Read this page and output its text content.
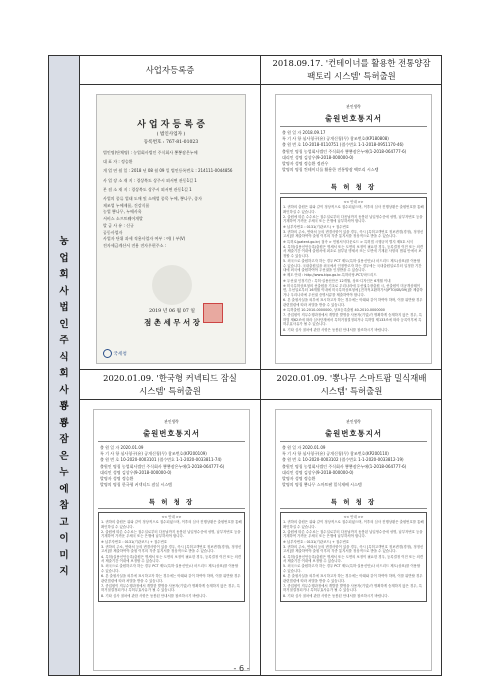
농
업
회
사
법
인
주
식
회
사
뿅
뿅
잠
은
누
에
참
고
이
미
지
사업자등록증
2018.09.17. '컨테이너를 활용한 전통양잠
팩토리 시스템' 특허출원
사 업 자 등 록 증
( 법인사업자 )
등록번호 : 767-81-01023
법인명(단체명) : 농업회사법인 주식회사 뽕뽕잠은누에
대 표 자 : 정승환
개 업 연 월 일 : 2018 년 08 월 09 일 법인등록번호 : 214111-0044856
사 업 장 소 재 지 : 경상북도 상주시 외서면 관동1길 1
본 점 소 재 지 : 경상북도 상주시 외서면 관동1길 1
사업의 종류 업태 도매 및 소매업 종목 누에, 뽕나무, 종자
제조업 누에제품, 건강식품
농업 뽕나무, 누에사육
서비스 소프트웨어개발
발 급 사 유 : 신규
공동사업자
사업자 단위 과세 적용사업자 여부 : 여( ) 부(V)
전자세금계산서 전용 전자우편주소 :
2019 년 06 월 07 일
점 촌 세 무 서 장
국세청
관인생략
출원번호통지서
출 원 일 자 2018.09.17
특 기 사 항 심사청구(유) 공개신청(무) 참조번호(KP180808)
출 원 번 호 10-2018-0110751 (접수번호 1-1-2018-0951170-46)
출원인 명칭 농업회사법인 주식회사 뽕뽕잠은누에(1-2018-064777-6)
대리인 성명 김상우(9-2018-000000-0)
발명자 성명 정승환 정관우
발명의 명칭 컨테이너를 활용한 전통양잠 팩토리 시스템
특 허 청 장
<< 안내 >>
1. 귀하의 출원은 위와 같이 정상적으로 접수되었으며, 이후의 심사 진행상황은 출원번호를 통해 확인하실 수 있습니다.
2. 출원에 따른 수수료는 접수일로부터 다음날까지 동봉된 납입영수증에 성명, 납부자번호 등을 기재하여 가까운 우체국 또는 은행에 납부하셔야 합니다.
※ 납부자번호 : 0131(기관코드) + 접수번호
3. 귀하의 주소, 연락처 등의 변경사항이 있을 경우, 즉시 [특허고객번호 정보변경(경정), 정정신고서]를 제출하여야 출원 이후의 각종 통지서를 정상적으로 받을 수 있습니다.
※ 특허로(patent.go.kr) 접속 > 민원서식다운로드 > 특허법 시행규칙 별지 제5호 서식
4. 특허(실용신안등록)출원은 명세서 또는 도면의 보정이 필요한 경우, 등록결정 이전 또는 의견서 제출기간 이내에 출원서에 최초로 첨부된 명세서 또는 도면에 기재된 사항의 범위 안에서 보정할 수 있습니다.
5. 외국으로 출원하고자 하는 경우 PCT 제도(특허·실용신안)나 마드리드 제도(상표)를 이용할 수 있습니다. 국내출원일을 외국에서 인정받고자 하는 경우에는 국내출원일로부터 일정한 기간 내에 외국에 출원하여야 우선권을 인정받을 수 있습니다.
※ 제도 안내 : http://www.kipo.go.kr-특허마당-PCT/마드리드
※ 우선권 인정기간 : 특허·실용신안은 12개월, 상표·디자인은 6개월 이내
※ 미국특허상표청의 선출원을 기초로 우리나라에 우선권주장출원 시, 선출원이 미공개상태이면, 우선일로부터 16개월 이내에 미국특허상표청에 [전자적교환허가서(PTO/SB/39)]를 제출하거나 우리나라에 우선권 증명서류를 제출하여야 합니다.
6. 본 출원사실을 외부에 표시하고자 하는 경우에는 아래와 같이 하여야 하며, 이를 위반할 경우 관련법령에 따라 처벌을 받을 수 있습니다.
※ 특허출원 10-2010-0000000, 상표등록출원 40-2010-0000000
7. 종업원이 직무수행과정에서 개발한 발명을 사용자(기업)가 명확하게 승계하지 않은 경우, 특허법 제62조에 따라 심사단계에서 특허거절결정되거나 특허법 제133조에 따라 등록이후에 특허무효사유가 될 수 있습니다.
8. 기타 심사 절차에 관한 사항은 동봉된 안내서를 참조하시기 바랍니다.
2020.01.09. '한국형 커넥티드 잠실
시스템' 특허출원
2020.01.09. '뽕나무 스마트팜 밀식재배
시스템' 특허출원
관인생략
출원번호통지서
출 원 일 자 2020.01.09
특 기 사 항 심사청구(유) 공개신청(무) 참조번호(KP200109)
출 원 번 호 10-2020-0003101 (접수번호 1-1-2020-0033811-74)
출원인 명칭 농업회사법인 주식회사 뽕뽕잠은누에(1-2018-064777-6)
대리인 성명 김상우(9-2018-000000-0)
발명자 성명 정승환
발명의 명칭 한국형 커넥티드 잠실 시스템
특 허 청 장
<< 안내 >>
1. 귀하의 출원은 위와 같이 정상적으로 접수되었으며, 이후의 심사 진행상황은 출원번호를 통해 확인하실 수 있습니다.
2. 출원에 따른 수수료는 접수일로부터 다음날까지 동봉된 납입영수증에 성명, 납부자번호 등을 기재하여 가까운 우체국 또는 은행에 납부하셔야 합니다.
※ 납부자번호 : 0131(기관코드) + 접수번호
3. 귀하의 주소, 연락처 등의 변경사항이 있을 경우, 즉시 [특허고객번호 정보변경(경정), 정정신고서]를 제출하여야 출원 이후의 각종 통지서를 정상적으로 받을 수 있습니다.
4. 특허(실용신안등록)출원은 명세서 또는 도면의 보정이 필요한 경우, 등록결정 이전 또는 의견서 제출기간 이내에 보정할 수 있습니다.
5. 외국으로 출원하고자 하는 경우 PCT 제도(특허·실용신안)나 마드리드 제도(상표)를 이용할 수 있습니다.
6. 본 출원사실을 외부에 표시하고자 하는 경우에는 아래와 같이 하여야 하며, 이를 위반할 경우 관련법령에 따라 처벌을 받을 수 있습니다.
7. 종업원이 직무수행과정에서 개발한 발명을 사용자(기업)가 명확하게 승계하지 않은 경우, 특허거절결정되거나 특허무효사유가 될 수 있습니다.
8. 기타 심사 절차에 관한 사항은 동봉된 안내서를 참조하시기 바랍니다.
관인생략
출원번호통지서
출 원 일 자 2020.01.09
특 기 사 항 심사청구(유) 공개신청(무) 참조번호(KP200110)
출 원 번 호 10-2020-0003102 (접수번호 1-1-2020-0033812-19)
출원인 명칭 농업회사법인 주식회사 뽕뽕잠은누에(1-2018-064777-6)
대리인 성명 김상우(9-2018-000000-0)
발명자 성명 정승환
발명의 명칭 뽕나무 스마트팜 밀식재배 시스템
특 허 청 장
<< 안내 >>
1. 귀하의 출원은 위와 같이 정상적으로 접수되었으며, 이후의 심사 진행상황은 출원번호를 통해 확인하실 수 있습니다.
2. 출원에 따른 수수료는 접수일로부터 다음날까지 동봉된 납입영수증에 성명, 납부자번호 등을 기재하여 가까운 우체국 또는 은행에 납부하셔야 합니다.
※ 납부자번호 : 0131(기관코드) + 접수번호
3. 귀하의 주소, 연락처 등의 변경사항이 있을 경우, 즉시 [특허고객번호 정보변경(경정), 정정신고서]를 제출하여야 출원 이후의 각종 통지서를 정상적으로 받을 수 있습니다.
4. 특허(실용신안등록)출원은 명세서 또는 도면의 보정이 필요한 경우, 등록결정 이전 또는 의견서 제출기간 이내에 보정할 수 있습니다.
5. 외국으로 출원하고자 하는 경우 PCT 제도(특허·실용신안)나 마드리드 제도(상표)를 이용할 수 있습니다.
6. 본 출원사실을 외부에 표시하고자 하는 경우에는 아래와 같이 하여야 하며, 이를 위반할 경우 관련법령에 따라 처벌을 받을 수 있습니다.
7. 종업원이 직무수행과정에서 개발한 발명을 사용자(기업)가 명확하게 승계하지 않은 경우, 특허거절결정되거나 특허무효사유가 될 수 있습니다.
8. 기타 심사 절차에 관한 사항은 동봉된 안내서를 참조하시기 바랍니다.
- 6 -
